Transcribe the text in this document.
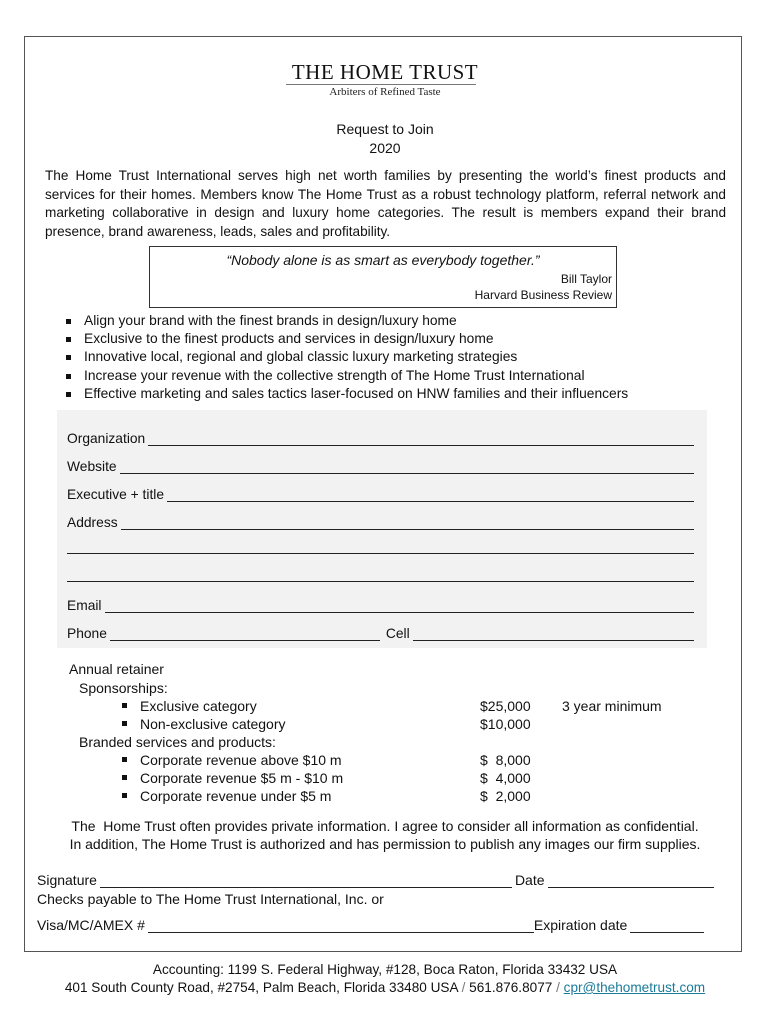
THE HOME TRUST
Arbiters of Refined Taste
Request to Join
2020
The Home Trust International serves high net worth families by presenting the world’s finest products and services for their homes. Members know The Home Trust as a robust technology platform, referral network and marketing collaborative in design and luxury home categories. The result is members expand their brand presence, brand awareness, leads, sales and profitability.
“Nobody alone is as smart as everybody together.”
Bill Taylor
Harvard Business Review
Align your brand with the finest brands in design/luxury home
Exclusive to the finest products and services in design/luxury home
Innovative local, regional and global classic luxury marketing strategies
Increase your revenue with the collective strength of The Home Trust International
Effective marketing and sales tactics laser-focused on HNW families and their influencers
Organization
Website
Executive + title
Address
Email
Phone	Cell
Annual retainer
Sponsorships:
Exclusive category	$25,000 3 year minimum
Non-exclusive category	$10,000
Branded services and products:
Corporate revenue above $10 m	$  8,000
Corporate revenue $5 m - $10 m	$  4,000
Corporate revenue under $5 m	$  2,000
The  Home Trust often provides private information. I agree to consider all information as confidential.
In addition, The Home Trust is authorized and has permission to publish any images our firm supplies.
Signature	Date
Checks payable to The Home Trust International, Inc. or
Visa/MC/AMEX #	Expiration date
Accounting: 1199 S. Federal Highway, #128, Boca Raton, Florida 33432 USA
401 South County Road, #2754, Palm Beach, Florida 33480 USA / 561.876.8077 / cpr@thehometrust.com
